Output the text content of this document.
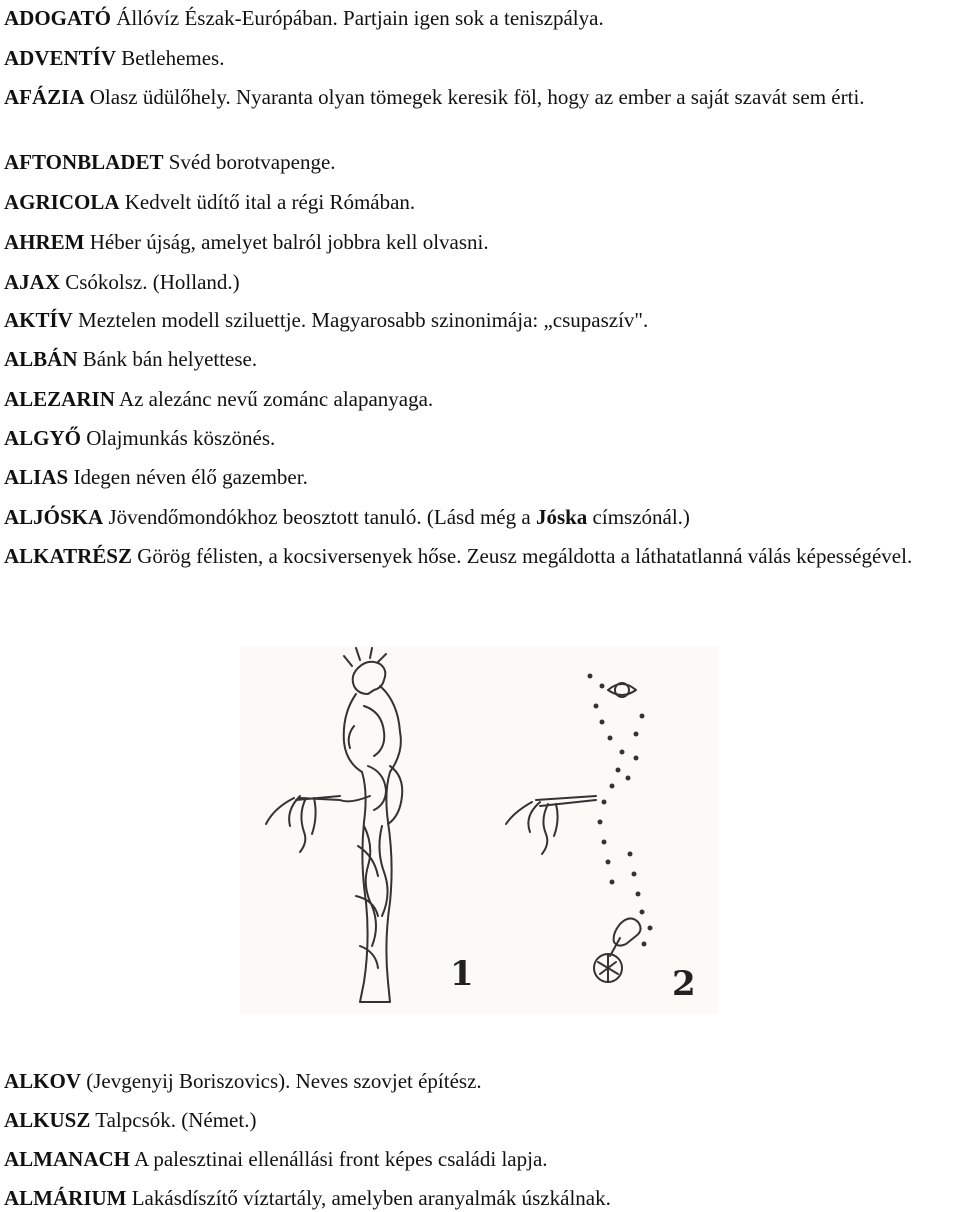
ADOGATÓ Állóvíz Észak-Európában. Partjain igen sok a teniszpálya.
ADVENTÍV Betlehemes.
AFÁZIA Olasz üdülőhely. Nyaranta olyan tömegek keresik föl, hogy az ember a saját szavát sem érti.
AFTONBLADET Svéd borotvapenge.
AGRICOLA Kedvelt üdítő ital a régi Rómában.
AHREM Héber újság, amelyet balról jobbra kell olvasni.
AJAX Csókolsz. (Holland.)
AKTÍV Meztelen modell sziluettje. Magyarosabb szinonimája: „csupaszív".
ALBÁN Bánk bán helyettese.
ALEZARIN Az alezánc nevű zománc alapanyaga.
ALGYŐ Olajmunkás köszönés.
ALIAS Idegen néven élő gazember.
ALJÓSKA Jövendőmondókhoz beosztott tanuló. (Lásd még a Jóska címszónál.)
ALKATRÉSZ Görög félisten, a kocsiversenyek hőse. Zeusz megáldotta a láthatatlanná válás képességével.
1	2
ALKOV (Jevgenyij Boriszovics). Neves szovjet építész.
ALKUSZ Talpcsók. (Német.)
ALMANACH A palesztinai ellenállási front képes családi lapja.
ALMÁRIUM Lakásdíszítő víztartály, amelyben aranyalmák úszkálnak.
